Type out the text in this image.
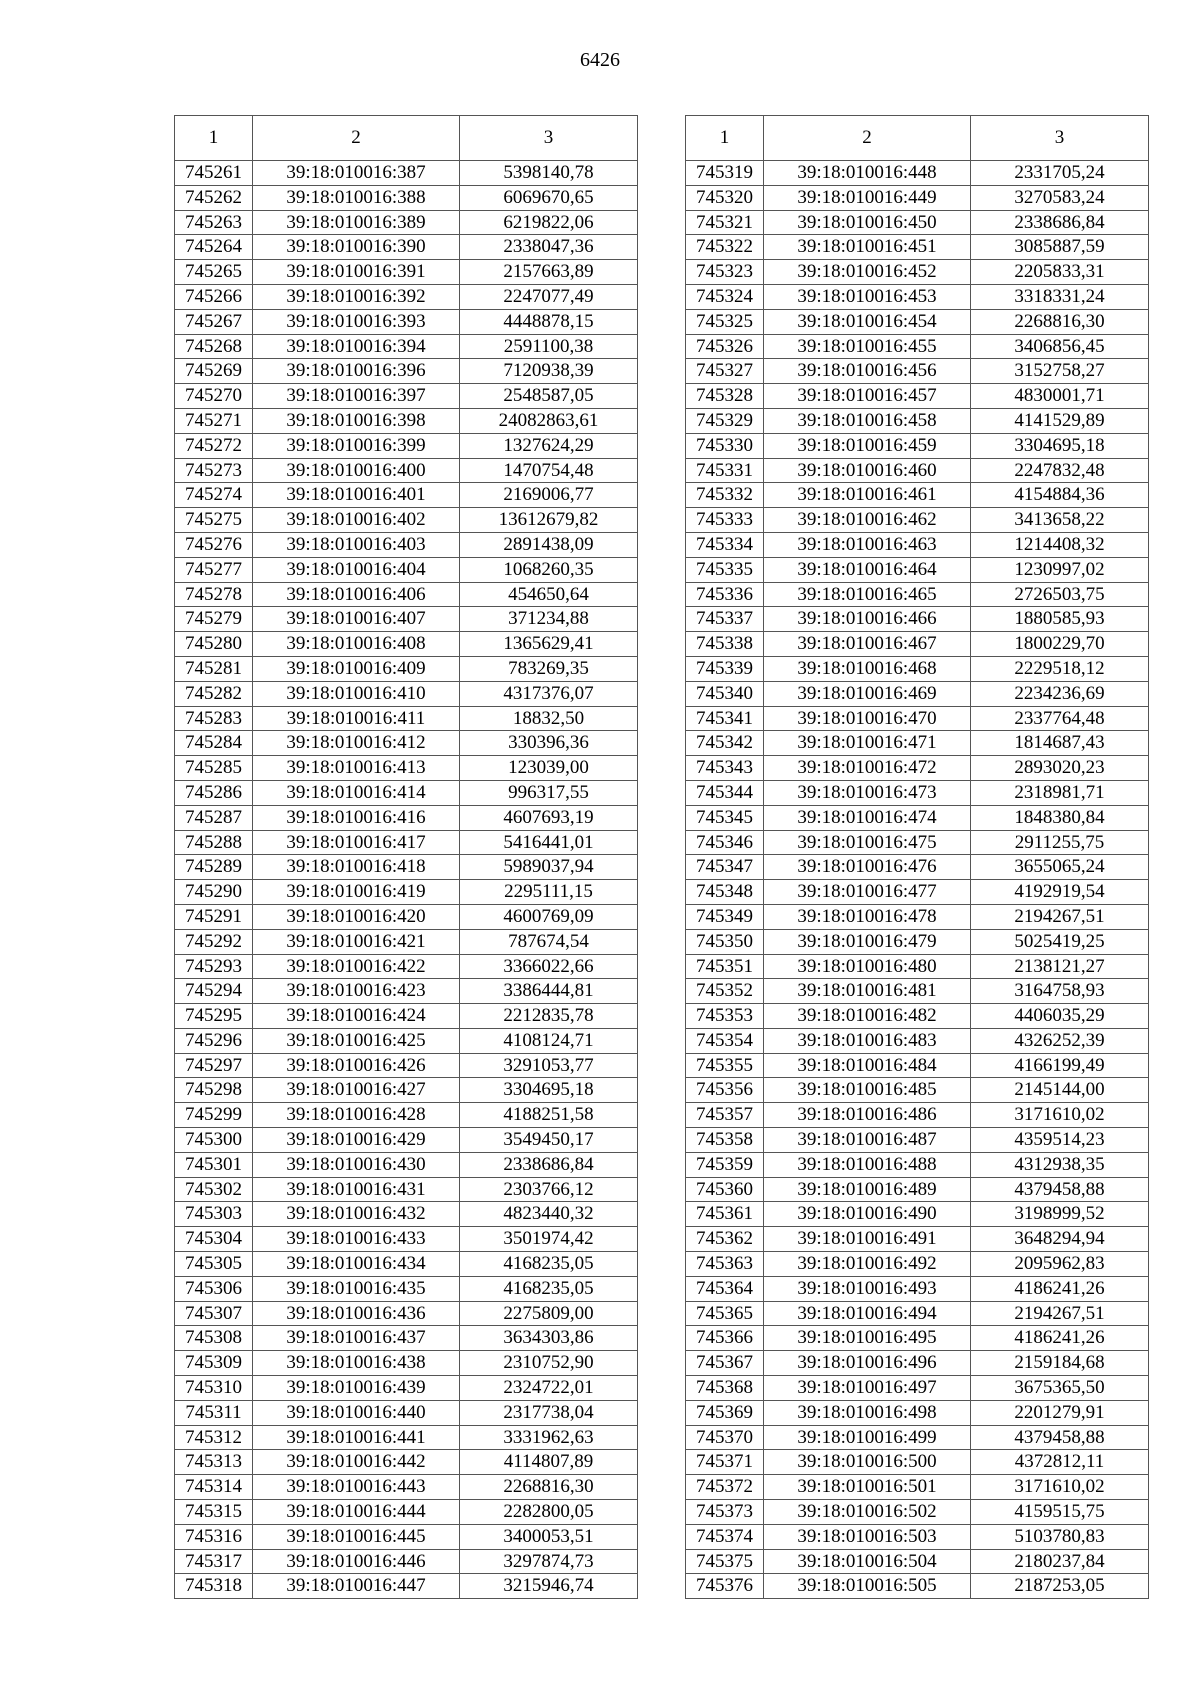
6426
1	2	3
745261	39:18:010016:387	5398140,78
745262	39:18:010016:388	6069670,65
745263	39:18:010016:389	6219822,06
745264	39:18:010016:390	2338047,36
745265	39:18:010016:391	2157663,89
745266	39:18:010016:392	2247077,49
745267	39:18:010016:393	4448878,15
745268	39:18:010016:394	2591100,38
745269	39:18:010016:396	7120938,39
745270	39:18:010016:397	2548587,05
745271	39:18:010016:398	24082863,61
745272	39:18:010016:399	1327624,29
745273	39:18:010016:400	1470754,48
745274	39:18:010016:401	2169006,77
745275	39:18:010016:402	13612679,82
745276	39:18:010016:403	2891438,09
745277	39:18:010016:404	1068260,35
745278	39:18:010016:406	454650,64
745279	39:18:010016:407	371234,88
745280	39:18:010016:408	1365629,41
745281	39:18:010016:409	783269,35
745282	39:18:010016:410	4317376,07
745283	39:18:010016:411	18832,50
745284	39:18:010016:412	330396,36
745285	39:18:010016:413	123039,00
745286	39:18:010016:414	996317,55
745287	39:18:010016:416	4607693,19
745288	39:18:010016:417	5416441,01
745289	39:18:010016:418	5989037,94
745290	39:18:010016:419	2295111,15
745291	39:18:010016:420	4600769,09
745292	39:18:010016:421	787674,54
745293	39:18:010016:422	3366022,66
745294	39:18:010016:423	3386444,81
745295	39:18:010016:424	2212835,78
745296	39:18:010016:425	4108124,71
745297	39:18:010016:426	3291053,77
745298	39:18:010016:427	3304695,18
745299	39:18:010016:428	4188251,58
745300	39:18:010016:429	3549450,17
745301	39:18:010016:430	2338686,84
745302	39:18:010016:431	2303766,12
745303	39:18:010016:432	4823440,32
745304	39:18:010016:433	3501974,42
745305	39:18:010016:434	4168235,05
745306	39:18:010016:435	4168235,05
745307	39:18:010016:436	2275809,00
745308	39:18:010016:437	3634303,86
745309	39:18:010016:438	2310752,90
745310	39:18:010016:439	2324722,01
745311	39:18:010016:440	2317738,04
745312	39:18:010016:441	3331962,63
745313	39:18:010016:442	4114807,89
745314	39:18:010016:443	2268816,30
745315	39:18:010016:444	2282800,05
745316	39:18:010016:445	3400053,51
745317	39:18:010016:446	3297874,73
745318	39:18:010016:447	3215946,74
1	2	3
745319	39:18:010016:448	2331705,24
745320	39:18:010016:449	3270583,24
745321	39:18:010016:450	2338686,84
745322	39:18:010016:451	3085887,59
745323	39:18:010016:452	2205833,31
745324	39:18:010016:453	3318331,24
745325	39:18:010016:454	2268816,30
745326	39:18:010016:455	3406856,45
745327	39:18:010016:456	3152758,27
745328	39:18:010016:457	4830001,71
745329	39:18:010016:458	4141529,89
745330	39:18:010016:459	3304695,18
745331	39:18:010016:460	2247832,48
745332	39:18:010016:461	4154884,36
745333	39:18:010016:462	3413658,22
745334	39:18:010016:463	1214408,32
745335	39:18:010016:464	1230997,02
745336	39:18:010016:465	2726503,75
745337	39:18:010016:466	1880585,93
745338	39:18:010016:467	1800229,70
745339	39:18:010016:468	2229518,12
745340	39:18:010016:469	2234236,69
745341	39:18:010016:470	2337764,48
745342	39:18:010016:471	1814687,43
745343	39:18:010016:472	2893020,23
745344	39:18:010016:473	2318981,71
745345	39:18:010016:474	1848380,84
745346	39:18:010016:475	2911255,75
745347	39:18:010016:476	3655065,24
745348	39:18:010016:477	4192919,54
745349	39:18:010016:478	2194267,51
745350	39:18:010016:479	5025419,25
745351	39:18:010016:480	2138121,27
745352	39:18:010016:481	3164758,93
745353	39:18:010016:482	4406035,29
745354	39:18:010016:483	4326252,39
745355	39:18:010016:484	4166199,49
745356	39:18:010016:485	2145144,00
745357	39:18:010016:486	3171610,02
745358	39:18:010016:487	4359514,23
745359	39:18:010016:488	4312938,35
745360	39:18:010016:489	4379458,88
745361	39:18:010016:490	3198999,52
745362	39:18:010016:491	3648294,94
745363	39:18:010016:492	2095962,83
745364	39:18:010016:493	4186241,26
745365	39:18:010016:494	2194267,51
745366	39:18:010016:495	4186241,26
745367	39:18:010016:496	2159184,68
745368	39:18:010016:497	3675365,50
745369	39:18:010016:498	2201279,91
745370	39:18:010016:499	4379458,88
745371	39:18:010016:500	4372812,11
745372	39:18:010016:501	3171610,02
745373	39:18:010016:502	4159515,75
745374	39:18:010016:503	5103780,83
745375	39:18:010016:504	2180237,84
745376	39:18:010016:505	2187253,05
